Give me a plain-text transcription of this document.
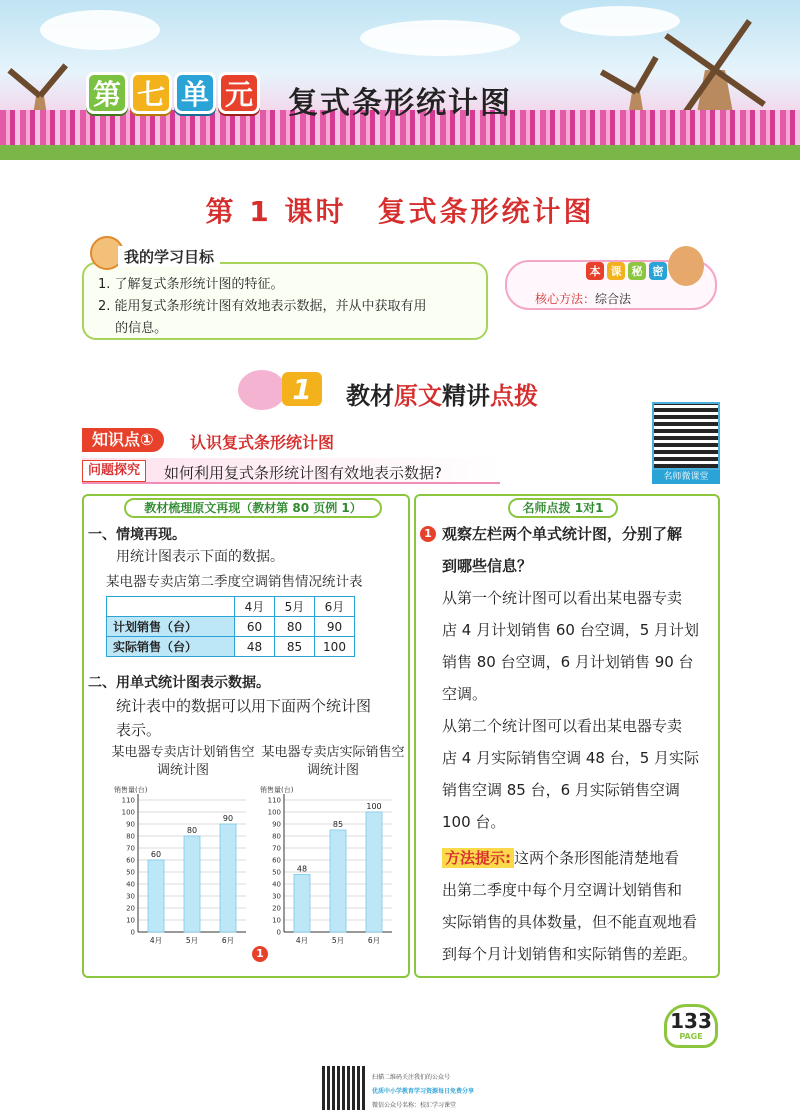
第 七 单 元 复式条形统计图
第 1 课时　复式条形统计图
1. 了解复式条形统计图的特征。
2. 能用复式条形统计图有效地表示数据，并从中获取有用
　 的信息。
我的学习目标
本 课 秘 密
核心方法：综合法
1	教材原文精讲点拨
名师微课堂
知识点①	认识复式条形统计图
问题探究	如何利用复式条形统计图有效地表示数据?
教材梳理原文再现（教材第 80 页例 1）
一、情境再现。
用统计图表示下面的数据。
某电器专卖店第二季度空调销售情况统计表
	4月	5月	6月
计划销售（台）	60	80	90
实际销售（台）	48	85	100
二、用单式统计图表示数据。
统计表中的数据可以用下面两个统计图
表示。
某电器专卖店计划销售空调统计图
某电器专卖店实际销售空调统计图
销售量(台)
0
10
20
30
40
50
60
70
80
90
100
110
60
4月
80
5月
90
6月
销售量(台)
0
10
20
30
40
50
60
70
80
90
100
110
48
4月
85
5月
100
6月
1
名师点拨 1对1
1 观察左栏两个单式统计图，分别了解
到哪些信息？
从第一个统计图可以看出某电器专卖
店 4 月计划销售 60 台空调，5 月计划
销售 80 台空调，6 月计划销售 90 台
空调。
从第二个统计图可以看出某电器专卖
店 4 月实际销售空调 48 台，5 月实际
销售空调 85 台，6 月实际销售空调
100 台。
方法提示: 这两个条形图能清楚地看
出第二季度中每个月空调计划销售和
实际销售的具体数量，但不能直观地看
到每个月计划销售和实际销售的差距。
133
PAGE
扫描二维码关注我们的公众号
优质中小学教育学习资源每日免费分享
微信公众号名称：校汇学习课堂
